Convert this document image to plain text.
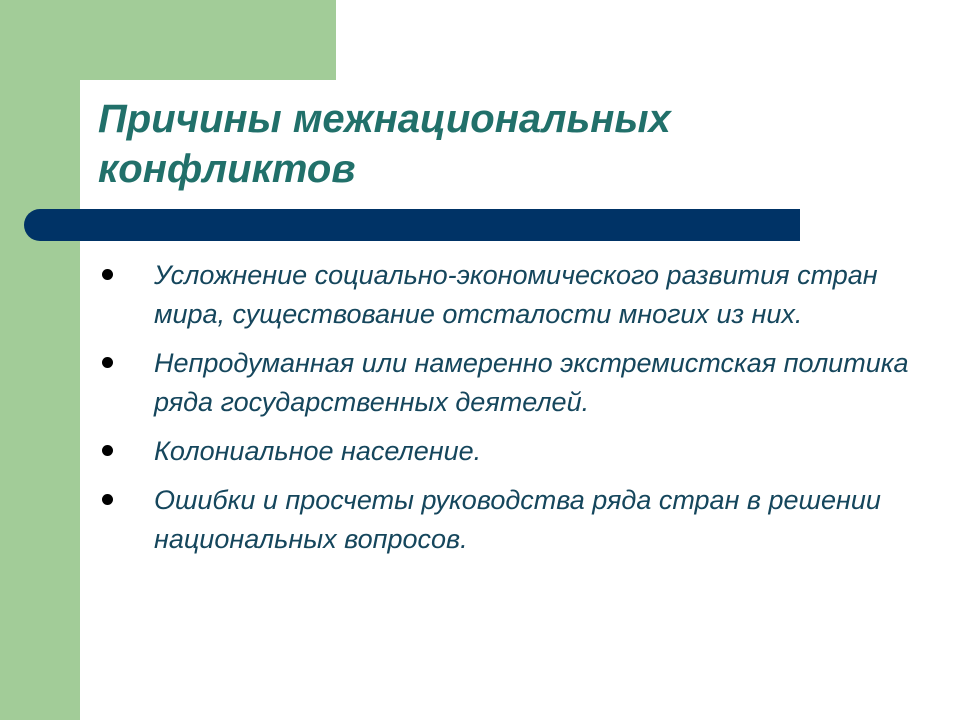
Причины межнациональных конфликтов
Усложнение социально-экономического развития стран мира, существование отсталости многих из них.
Непродуманная или намеренно экстремистская политика ряда государственных деятелей.
Колониальное население.
Ошибки и просчеты руководства ряда стран в решении национальных вопросов.
